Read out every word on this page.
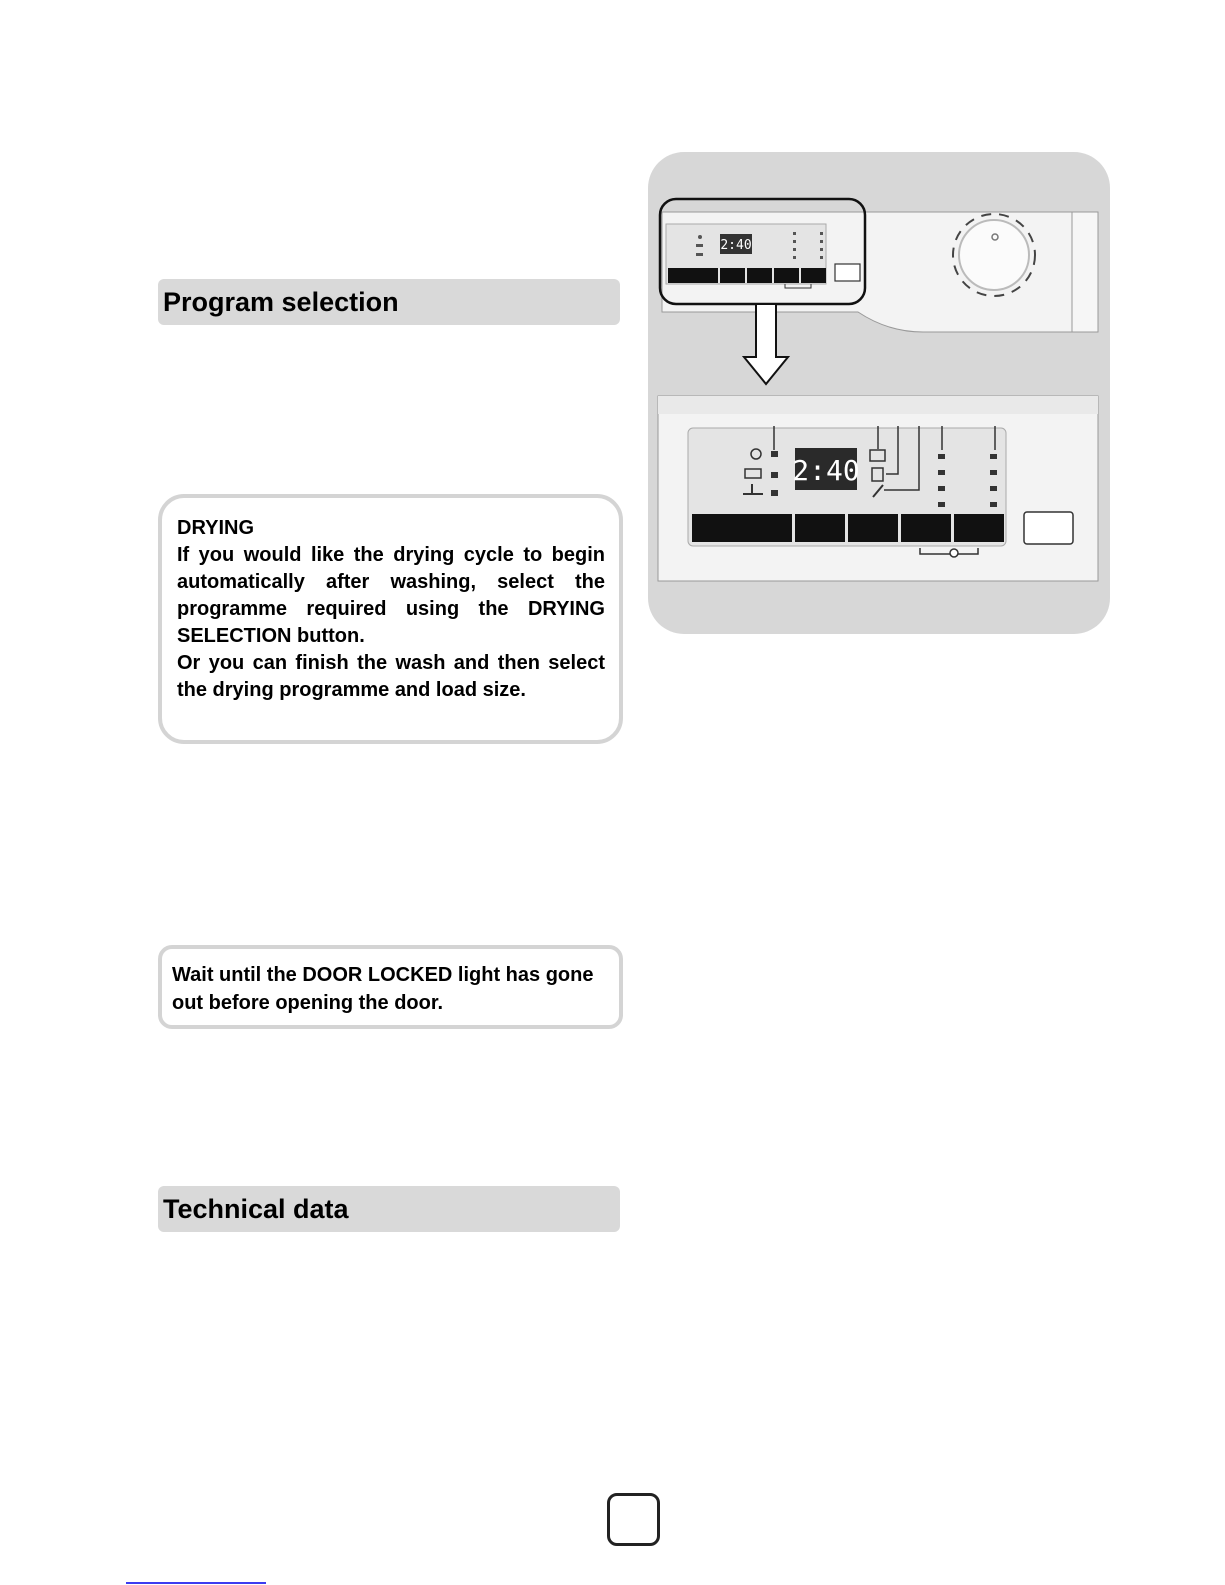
Program selection

DRYING

If you would like the drying cycle to begin automatically after washing, select the programme required using the DRYING SELECTION button.

Or you can finish the wash and then select the drying programme and load size.

Wait until the DOOR LOCKED light has gone out before opening the door.
Technical data
2:40
2:40
